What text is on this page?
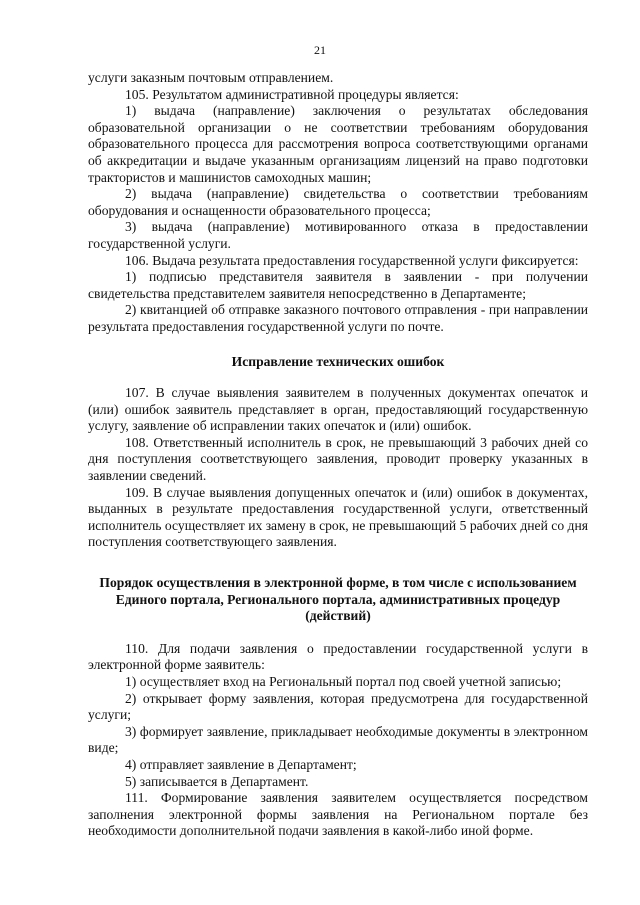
21

услуги заказным почтовым отправлением.

105. Результатом административной процедуры является:

1) выдача (направление) заключения о результатах обследования образовательной организации о не соответствии требованиям оборудования образовательного процесса для рассмотрения вопроса соответствующими органами об аккредитации и выдаче указанным организациям лицензий на право подготовки трактористов и машинистов самоходных машин;

2) выдача (направление) свидетельства о соответствии требованиям оборудования и оснащенности образовательного процесса;

3) выдача (направление) мотивированного отказа в предоставлении государственной услуги.

106. Выдача результата предоставления государственной услуги фиксируется:

1) подписью представителя заявителя в заявлении - при получении свидетельства представителем заявителя непосредственно в Департаменте;

2) квитанцией об отправке заказного почтового отправления - при направлении результата предоставления государственной услуги по почте.

Исправление технических ошибок

107. В случае выявления заявителем в полученных документах опечаток и (или) ошибок заявитель представляет в орган, предоставляющий государственную услугу, заявление об исправлении таких опечаток и (или) ошибок.

108. Ответственный исполнитель в срок, не превышающий 3 рабочих дней со дня поступления соответствующего заявления, проводит проверку указанных в заявлении сведений.

109. В случае выявления допущенных опечаток и (или) ошибок в документах, выданных в результате предоставления государственной услуги, ответственный исполнитель осуществляет их замену в срок, не превышающий 5 рабочих дней со дня поступления соответствующего заявления.

Порядок осуществления в электронной форме, в том числе с использованием Единого портала, Регионального портала, административных процедур (действий)

110. Для подачи заявления о предоставлении государственной услуги в электронной форме заявитель:

1) осуществляет вход на Региональный портал под своей учетной записью;

2) открывает форму заявления, которая предусмотрена для государственной услуги;

3) формирует заявление, прикладывает необходимые документы в электронном виде;

4) отправляет заявление в Департамент;

5) записывается в Департамент.

111. Формирование заявления заявителем осуществляется посредством заполнения электронной формы заявления на Региональном портале без необходимости дополнительной подачи заявления в какой-либо иной форме.
